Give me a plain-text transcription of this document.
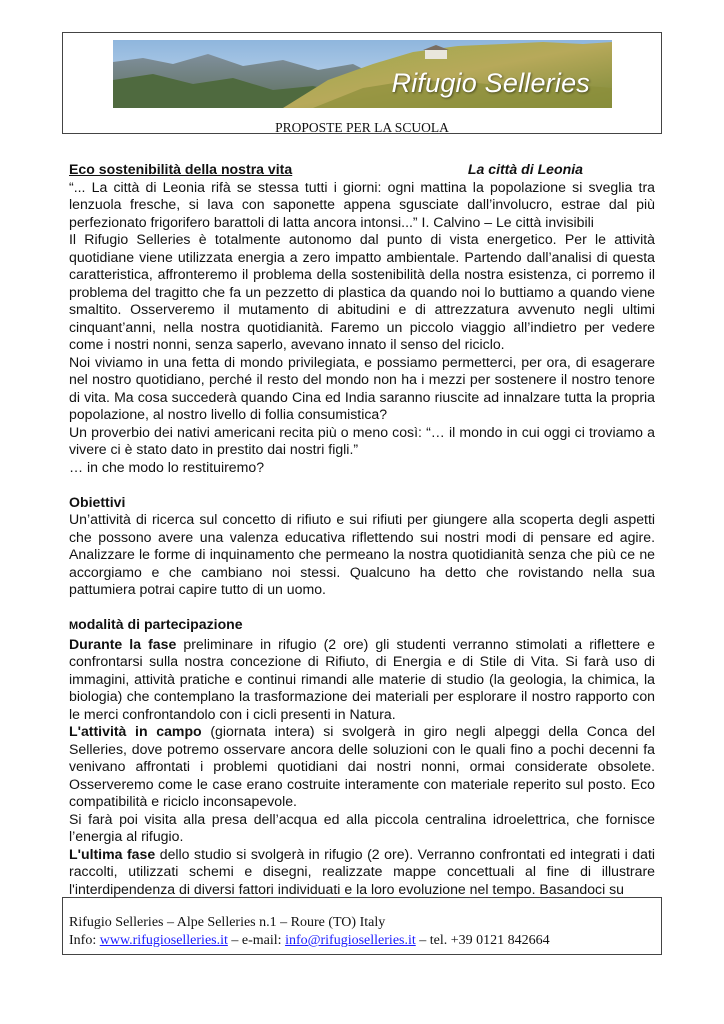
Rifugio Selleries
PROPOSTE PER LA SCUOLA
Eco sostenibilità della nostra vita	La città di Leonia

“... La città di Leonia rifà se stessa tutti i giorni: ogni mattina la popolazione si sveglia tra lenzuola fresche, si lava con saponette appena sgusciate dall’involucro, estrae dal più perfezionato frigorifero barattoli di latta ancora intonsi...” I. Calvino – Le città invisibili

Il Rifugio Selleries è totalmente autonomo dal punto di vista energetico. Per le attività quotidiane viene utilizzata energia a zero impatto ambientale. Partendo dall’analisi di questa caratteristica, affronteremo il problema della sostenibilità della nostra esistenza, ci porremo il problema del tragitto che fa un pezzetto di plastica da quando noi lo buttiamo a quando viene smaltito. Osserveremo il mutamento di abitudini e di attrezzatura avvenuto negli ultimi cinquant’anni, nella nostra quotidianità. Faremo un piccolo viaggio all’indietro per vedere come i nostri nonni, senza saperlo, avevano innato il senso del riciclo.

Noi viviamo in una fetta di mondo privilegiata, e possiamo permetterci, per ora, di esagerare nel nostro quotidiano, perché il resto del mondo non ha i mezzi per sostenere il nostro tenore di vita. Ma cosa succederà quando Cina ed India saranno riuscite ad innalzare tutta la propria popolazione, al nostro livello di follia consumistica?

Un proverbio dei nativi americani recita più o meno così: “… il mondo in cui oggi ci troviamo a vivere ci è stato dato in prestito dai nostri figli.”

… in che modo lo restituiremo?

Obiettivi

Un’attività di ricerca sul concetto di rifiuto e sui rifiuti per giungere alla scoperta degli aspetti che possono avere una valenza educativa riflettendo sui nostri modi di pensare ed agire. Analizzare le forme di inquinamento che permeano la nostra quotidianità senza che più ce ne accorgiamo e che cambiano noi stessi. Qualcuno ha detto che rovistando nella sua pattumiera potrai capire tutto di un uomo.

Modalità di partecipazione

Durante la fase preliminare in rifugio (2 ore) gli studenti verranno stimolati a riflettere e confrontarsi sulla nostra concezione di Rifiuto, di Energia e di Stile di Vita. Si farà uso di immagini, attività pratiche e continui rimandi alle materie di studio (la geologia, la chimica, la biologia) che contemplano la trasformazione dei materiali per esplorare il nostro rapporto con le merci confrontandolo con i cicli presenti in Natura.

L'attività in campo (giornata intera) si svolgerà in giro negli alpeggi della Conca del Selleries, dove potremo osservare ancora delle soluzioni con le quali fino a pochi decenni fa venivano affrontati i problemi quotidiani dai nostri nonni, ormai considerate obsolete. Osserveremo come le case erano costruite interamente con materiale reperito sul posto. Eco compatibilità e riciclo inconsapevole.

Si farà poi visita alla presa dell’acqua ed alla piccola centralina idroelettrica, che fornisce l’energia al rifugio.

L'ultima fase dello studio si svolgerà in rifugio (2 ore). Verranno confrontati ed integrati i dati raccolti, utilizzati schemi e disegni, realizzate mappe concettuali al fine di illustrare l'interdipendenza di diversi fattori individuati e la loro evoluzione nel tempo. Basandoci su

Rifugio Selleries – Alpe Selleries n.1 – Roure (TO) Italy
Info: www.rifugioselleries.it – e-mail: info@rifugioselleries.it – tel. +39 0121 842664
